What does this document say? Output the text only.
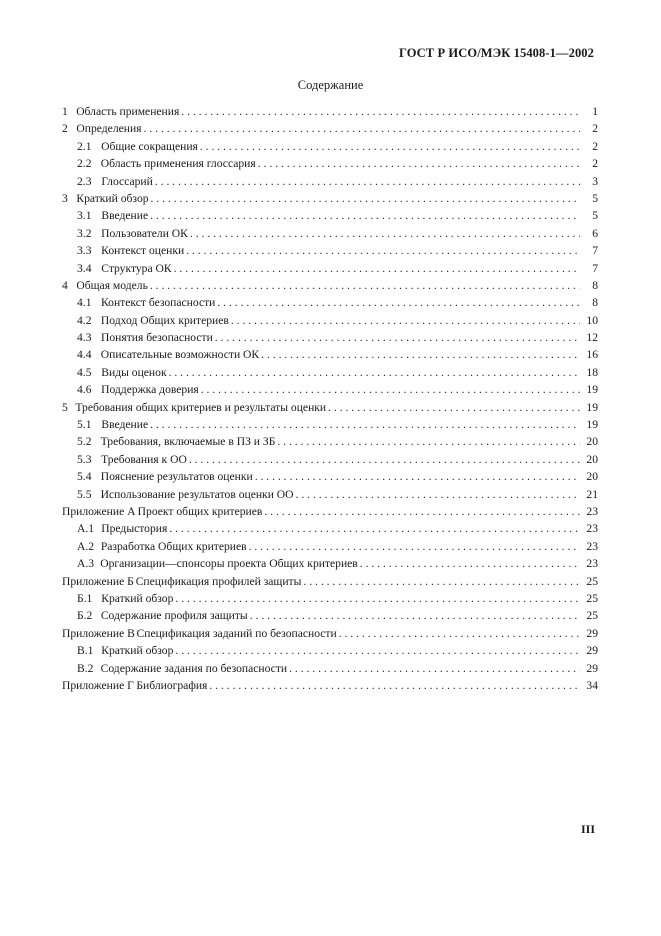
ГОСТ Р ИСО/МЭК 15408-1—2002
Содержание
1 Область применения . . .	1
2 Определения . . .	2
2.1 Общие сокращения . . .	2
2.2 Область применения глоссария . . .	2
2.3 Глоссарий . . .	3
3 Краткий обзор . . .	5
3.1 Введение . . .	5
3.2 Пользователи ОК . . .	6
3.3 Контекст оценки . . .	7
3.4 Структура ОК . . .	7
4 Общая модель . . .	8
4.1 Контекст безопасности . . .	8
4.2 Подход Общих критериев . . .	10
4.3 Понятия безопасности . . .	12
4.4 Описательные возможности ОК . . .	16
4.5 Виды оценок . . .	18
4.6 Поддержка доверия . . .	19
5 Требования общих критериев и результаты оценки . . .	19
5.1 Введение . . .	19
5.2 Требования, включаемые в ПЗ и ЗБ . . .	20
5.3 Требования к ОО . . .	20
5.4 Пояснение результатов оценки . . .	20
5.5 Использование результатов оценки ОО . . .	21
Приложение А Проект общих критериев . . .	23
А.1 Предыстория . . .	23
А.2 Разработка Общих критериев . . .	23
А.3 Организации—спонсоры проекта Общих критериев . . .	23
Приложение Б Спецификация профилей защиты . . .	25
Б.1 Краткий обзор . . .	25
Б.2 Содержание профиля защиты . . .	25
Приложение В Спецификация заданий по безопасности . . .	29
В.1 Краткий обзор . . .	29
В.2 Содержание задания по безопасности . . .	29
Приложение Г Библиография . . .	34
III
